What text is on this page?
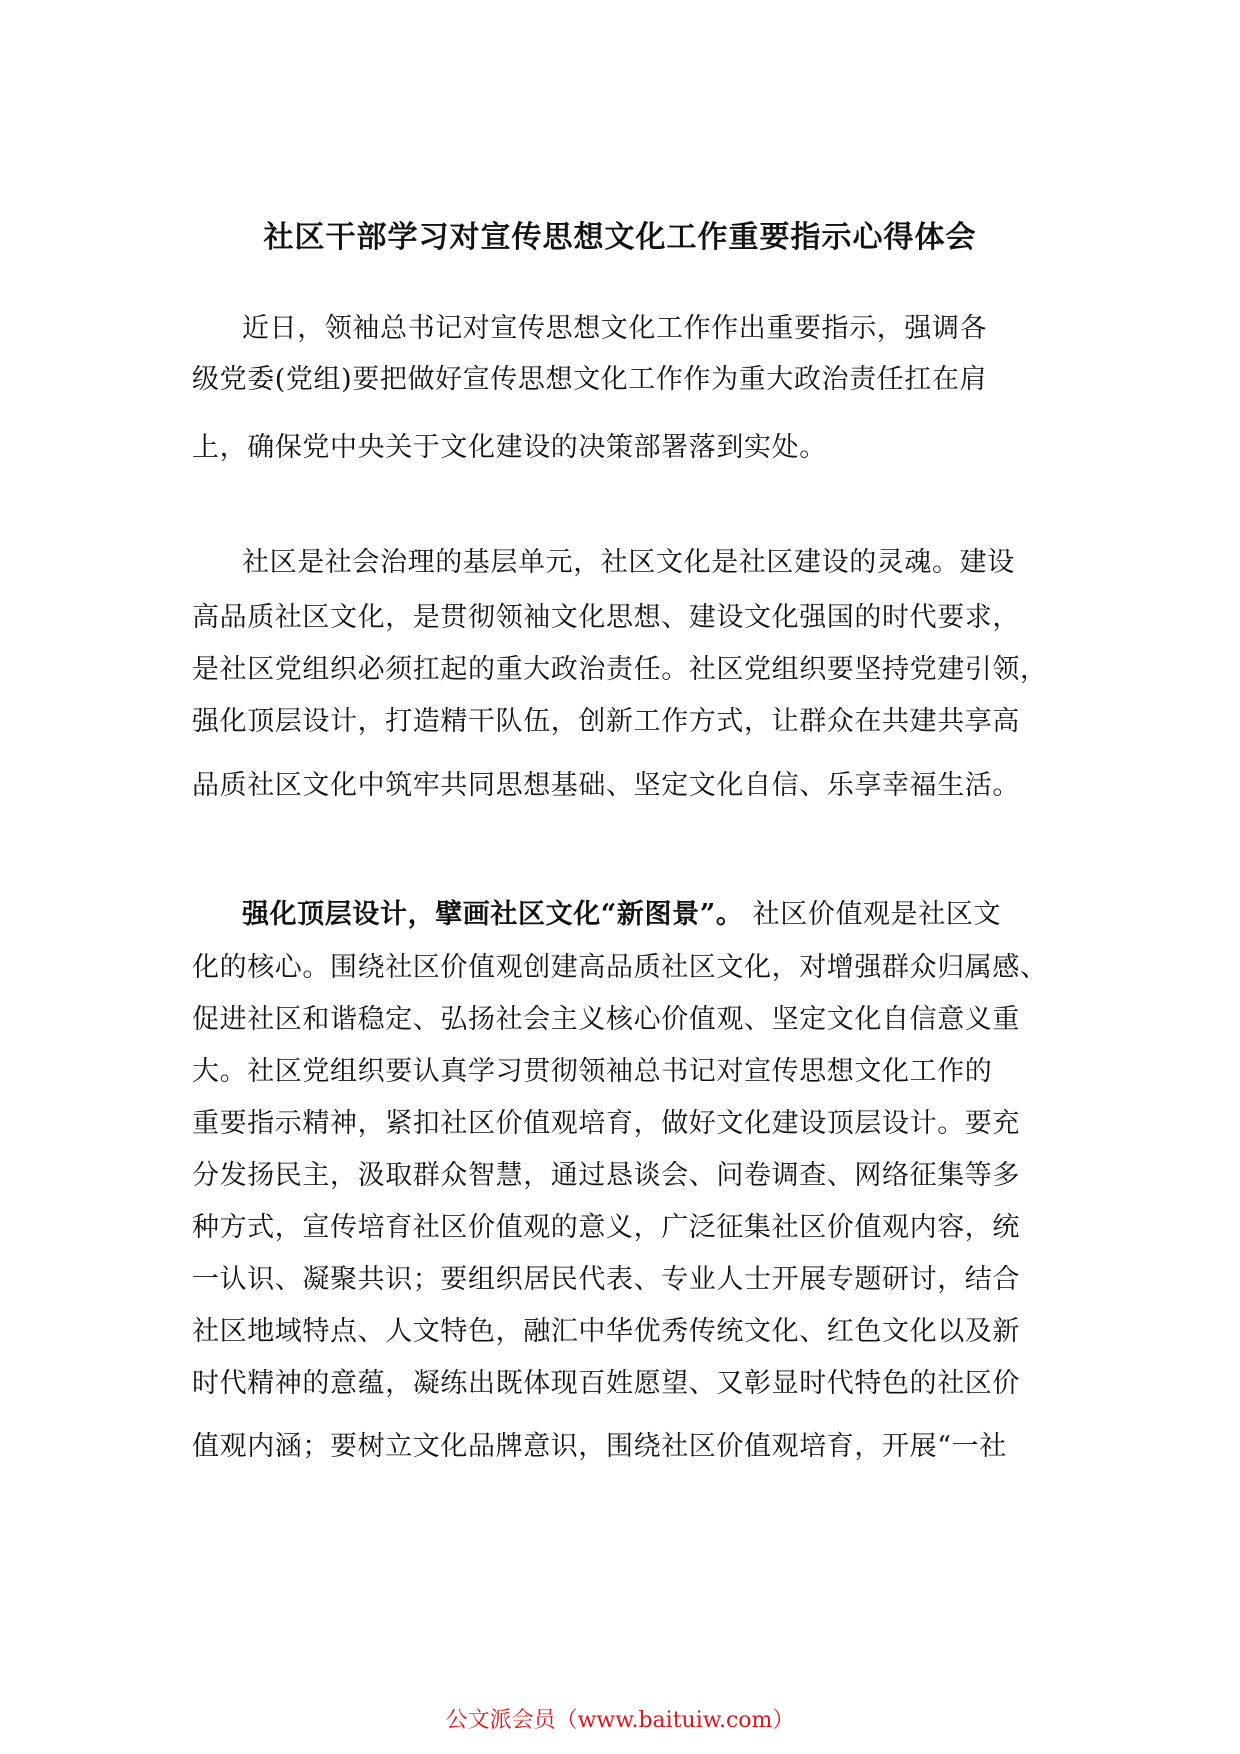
社区干部学习对宣传思想文化工作重要指示心得体会
近日，领袖总书记对宣传思想文化工作作出重要指示，强调各
级党委(党组)要把做好宣传思想文化工作作为重大政治责任扛在肩
上，确保党中央关于文化建设的决策部署落到实处。
社区是社会治理的基层单元，社区文化是社区建设的灵魂。建设
高品质社区文化，是贯彻领袖文化思想、建设文化强国的时代要求，
是社区党组织必须扛起的重大政治责任。社区党组织要坚持党建引领，
强化顶层设计，打造精干队伍，创新工作方式，让群众在共建共享高
品质社区文化中筑牢共同思想基础、坚定文化自信、乐享幸福生活。
强化顶层设计，擘画社区文化“新图景”。 社区价值观是社区文
化的核心。围绕社区价值观创建高品质社区文化，对增强群众归属感、
促进社区和谐稳定、弘扬社会主义核心价值观、坚定文化自信意义重
大。社区党组织要认真学习贯彻领袖总书记对宣传思想文化工作的
重要指示精神，紧扣社区价值观培育，做好文化建设顶层设计。要充
分发扬民主，汲取群众智慧，通过恳谈会、问卷调查、网络征集等多
种方式，宣传培育社区价值观的意义，广泛征集社区价值观内容，统
一认识、凝聚共识；要组织居民代表、专业人士开展专题研讨，结合
社区地域特点、人文特色，融汇中华优秀传统文化、红色文化以及新
时代精神的意蕴，凝练出既体现百姓愿望、又彰显时代特色的社区价
值观内涵；要树立文化品牌意识，围绕社区价值观培育，开展“一社
公文派会员（www.baituiw.com）
